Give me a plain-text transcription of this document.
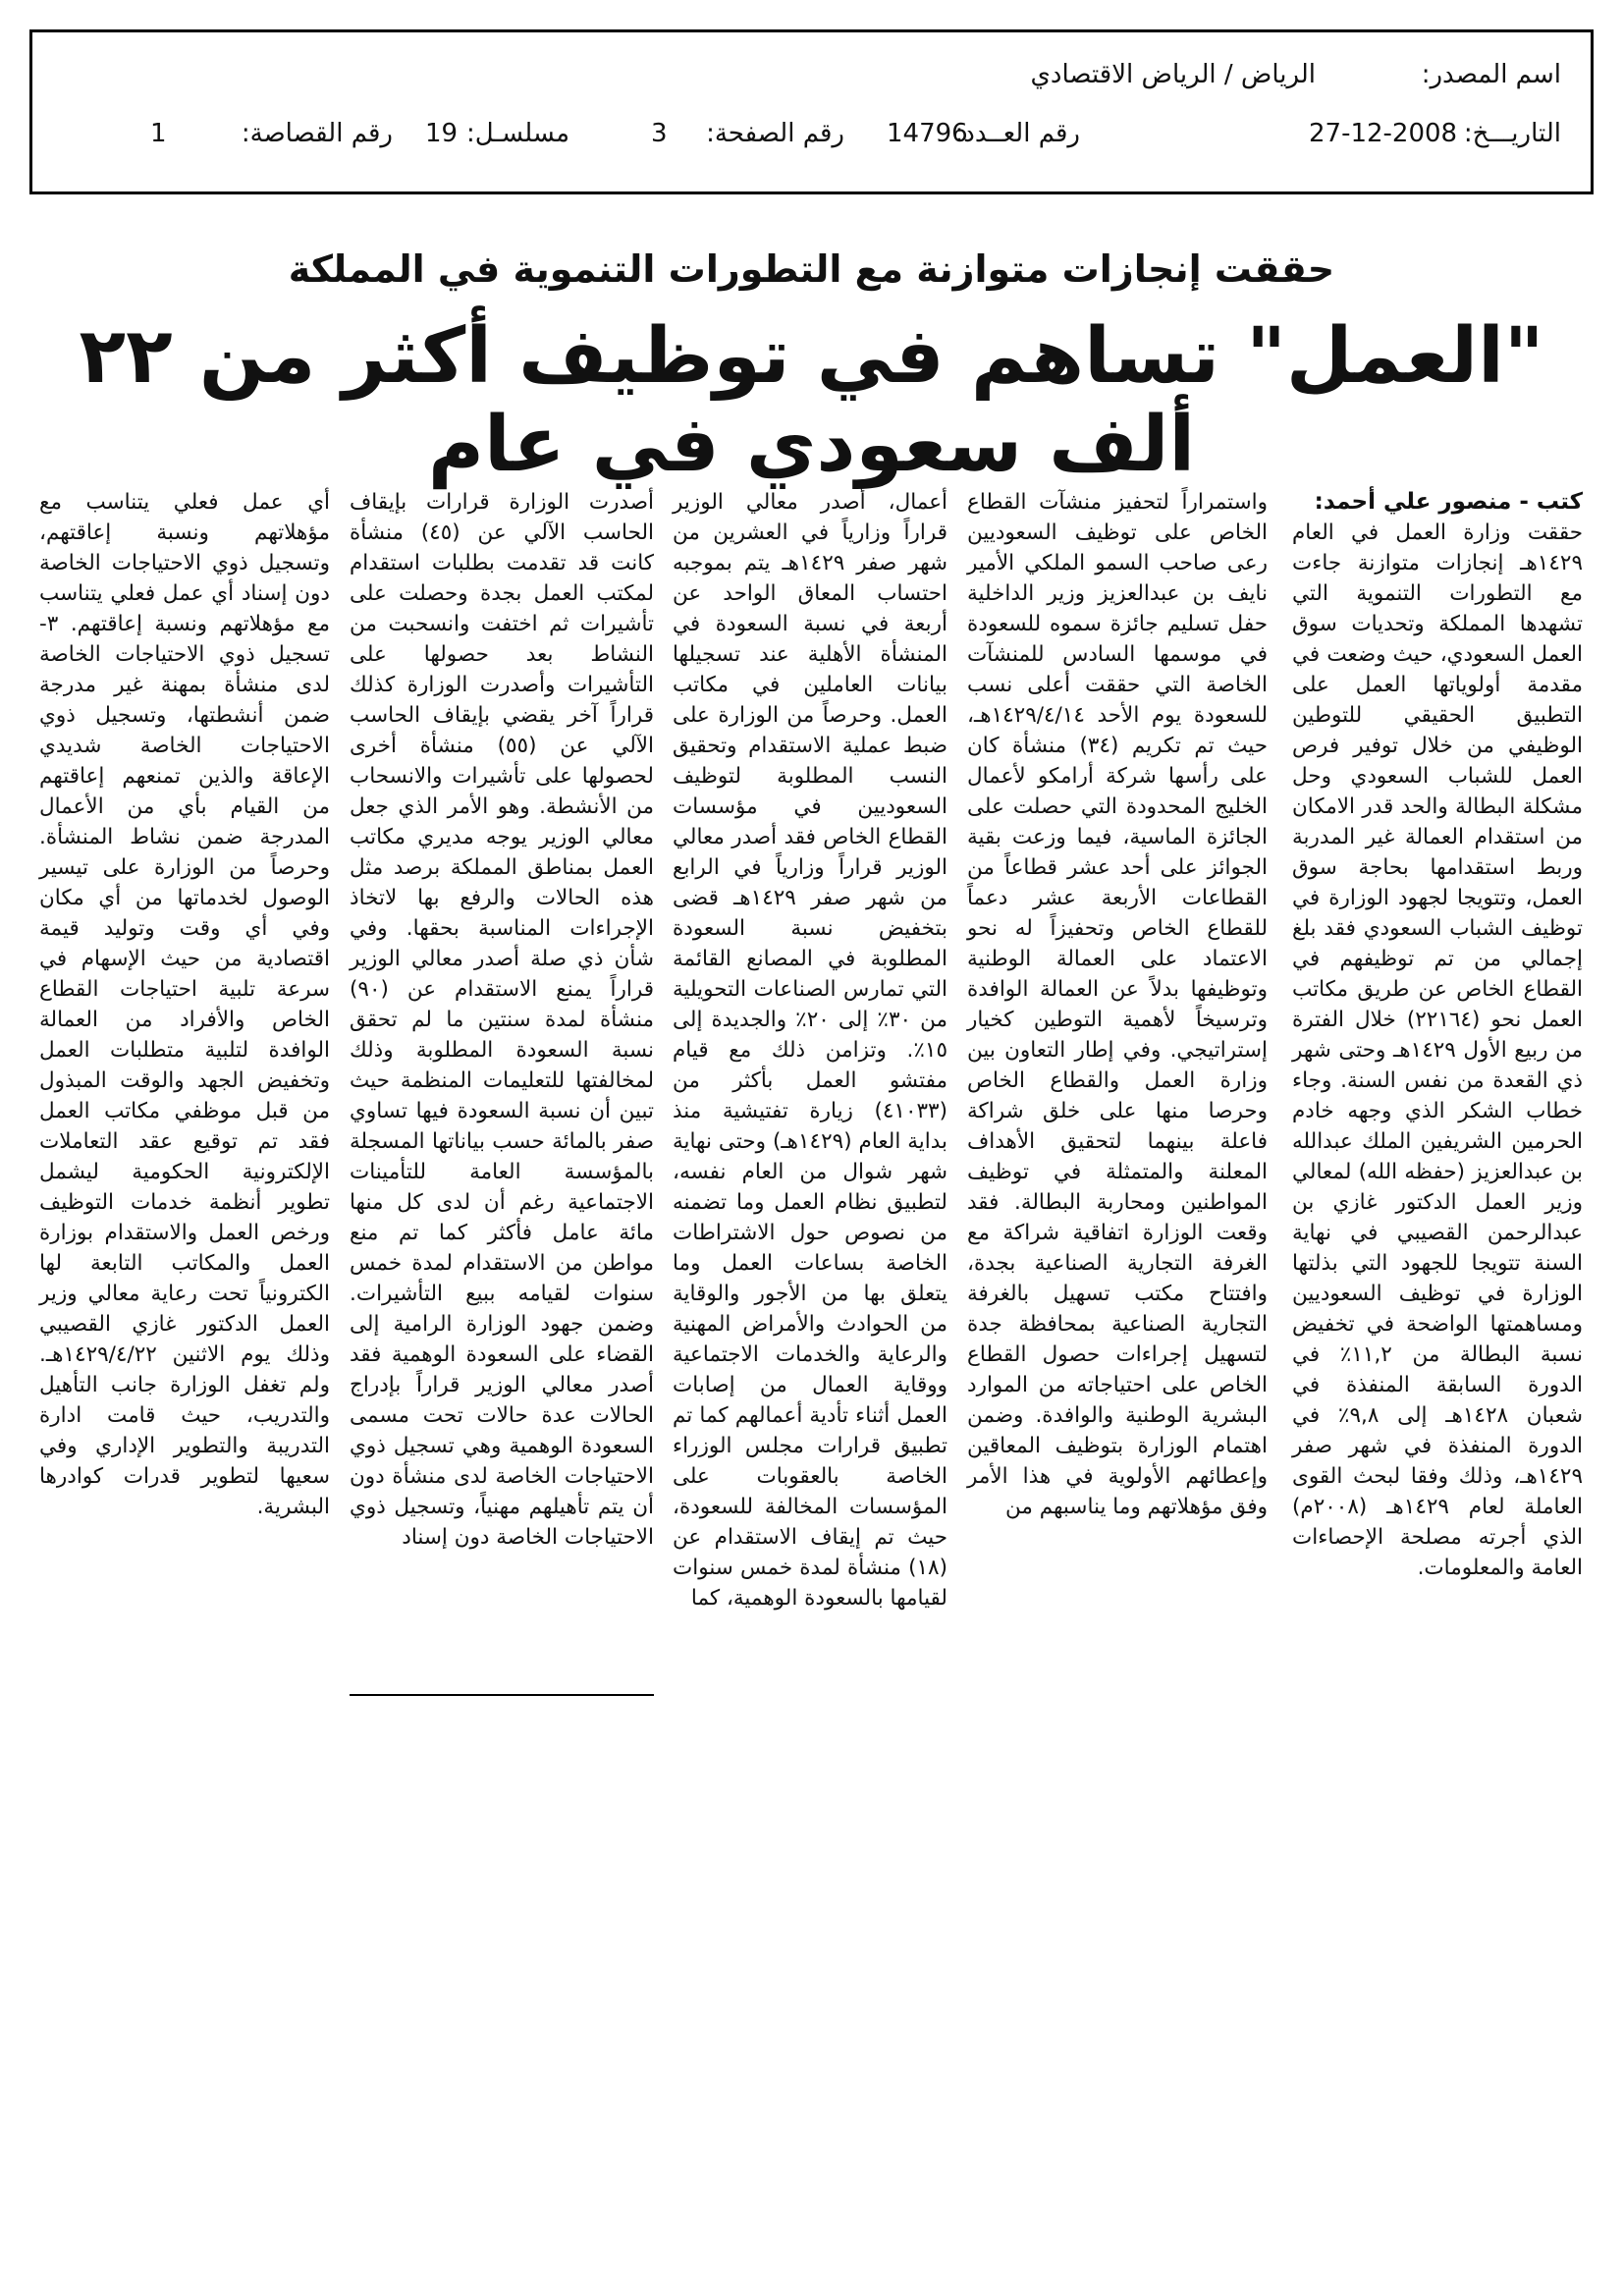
اسم المصدر:
الرياض / الرياض الاقتصادي
التاريـــخ:
27-12-2008
رقم العــدد:
14796
رقم الصفحة:
3
مسلسـل:
19
رقم القصاصة:
1
حققت إنجازات متوازنة مع التطورات التنموية في المملكة
"العمل" تساهم في توظيف أكثر من ٢٢ ألف سعودي في عام
كتب - منصور علي أحمد:
حققت وزارة العمل في العام ١٤٢٩هـ إنجازات متوازنة جاءت مع التطورات التنموية التي تشهدها المملكة وتحديات سوق العمل السعودي، حيث وضعت في مقدمة أولوياتها العمل على التطبيق الحقيقي للتوطين الوظيفي من خلال توفير فرص العمل للشباب السعودي وحل مشكلة البطالة والحد قدر الامكان من استقدام العمالة غير المدربة وربط استقدامها بحاجة سوق العمل، وتتويجا لجهود الوزارة في توظيف الشباب السعودي فقد بلغ إجمالي من تم توظيفهم في القطاع الخاص عن طريق مكاتب العمل نحو (٢٢١٦٤) خلال الفترة من ربيع الأول ١٤٢٩هـ وحتى شهر ذي القعدة من نفس السنة. وجاء خطاب الشكر الذي وجهه خادم الحرمين الشريفين الملك عبدالله بن عبدالعزيز (حفظه الله) لمعالي وزير العمل الدكتور غازي بن عبدالرحمن القصيبي في نهاية السنة تتويجا للجهود التي بذلتها الوزارة في توظيف السعوديين ومساهمتها الواضحة في تخفيض نسبة البطالة من ١١,٢٪ في الدورة السابقة المنفذة في شعبان ١٤٢٨هـ إلى ٩,٨٪ في الدورة المنفذة في شهر صفر ١٤٢٩هـ، وذلك وفقا لبحث القوى العاملة لعام ١٤٢٩هـ (٢٠٠٨م) الذي أجرته مصلحة الإحصاءات العامة والمعلومات.
واستمراراً لتحفيز منشآت القطاع الخاص على توظيف السعوديين رعى صاحب السمو الملكي الأمير نايف بن عبدالعزيز وزير الداخلية حفل تسليم جائزة سموه للسعودة في موسمها السادس للمنشآت الخاصة التي حققت أعلى نسب للسعودة يوم الأحد ١٤٢٩/٤/١٤هـ، حيث تم تكريم (٣٤) منشأة كان على رأسها شركة أرامكو لأعمال الخليج المحدودة التي حصلت على الجائزة الماسية، فيما وزعت بقية الجوائز على أحد عشر قطاعاً من القطاعات الأربعة عشر دعماً للقطاع الخاص وتحفيزاً له نحو الاعتماد على العمالة الوطنية وتوظيفها بدلاً عن العمالة الوافدة وترسيخاً لأهمية التوطين كخيار إستراتيجي. وفي إطار التعاون بين وزارة العمل والقطاع الخاص وحرصا منها على خلق شراكة فاعلة بينهما لتحقيق الأهداف المعلنة والمتمثلة في توظيف المواطنين ومحاربة البطالة. فقد وقعت الوزارة اتفاقية شراكة مع الغرفة التجارية الصناعية بجدة، وافتتاح مكتب تسهيل بالغرفة التجارية الصناعية بمحافظة جدة لتسهيل إجراءات حصول القطاع الخاص على احتياجاته من الموارد البشرية الوطنية والوافدة. وضمن اهتمام الوزارة بتوظيف المعاقين وإعطائهم الأولوية في هذا الأمر وفق مؤهلاتهم وما يناسبهم من
أعمال، أصدر معالي الوزير قراراً وزارياً في العشرين من شهر صفر ١٤٢٩هـ يتم بموجبه احتساب المعاق الواحد عن أربعة في نسبة السعودة في المنشأة الأهلية عند تسجيلها بيانات العاملين في مكاتب العمل. وحرصاً من الوزارة على ضبط عملية الاستقدام وتحقيق النسب المطلوبة لتوظيف السعوديين في مؤسسات القطاع الخاص فقد أصدر معالي الوزير قراراً وزارياً في الرابع من شهر صفر ١٤٢٩هـ قضى بتخفيض نسبة السعودة المطلوبة في المصانع القائمة التي تمارس الصناعات التحويلية من ٣٠٪ إلى ٢٠٪ والجديدة إلى ١٥٪. وتزامن ذلك مع قيام مفتشو العمل بأكثر من (٤١٠٣٣) زيارة تفتيشية منذ بداية العام (١٤٢٩هـ) وحتى نهاية شهر شوال من العام نفسه، لتطبيق نظام العمل وما تضمنه من نصوص حول الاشتراطات الخاصة بساعات العمل وما يتعلق بها من الأجور والوقاية من الحوادث والأمراض المهنية والرعاية والخدمات الاجتماعية ووقاية العمال من إصابات العمل أثناء تأدية أعمالهم كما تم تطبيق قرارات مجلس الوزراء الخاصة بالعقوبات على المؤسسات المخالفة للسعودة، حيث تم إيقاف الاستقدام عن (١٨) منشأة لمدة خمس سنوات لقيامها بالسعودة الوهمية، كما
أصدرت الوزارة قرارات بإيقاف الحاسب الآلي عن (٤٥) منشأة كانت قد تقدمت بطلبات استقدام لمكتب العمل بجدة وحصلت على تأشيرات ثم اختفت وانسحبت من النشاط بعد حصولها على التأشيرات وأصدرت الوزارة كذلك قراراً آخر يقضي بإيقاف الحاسب الآلي عن (٥٥) منشأة أخرى لحصولها على تأشيرات والانسحاب من الأنشطة. وهو الأمر الذي جعل معالي الوزير يوجه مديري مكاتب العمل بمناطق المملكة برصد مثل هذه الحالات والرفع بها لاتخاذ الإجراءات المناسبة بحقها. وفي شأن ذي صلة أصدر معالي الوزير قراراً يمنع الاستقدام عن (٩٠) منشأة لمدة سنتين ما لم تحقق نسبة السعودة المطلوبة وذلك لمخالفتها للتعليمات المنظمة حيث تبين أن نسبة السعودة فيها تساوي صفر بالمائة حسب بياناتها المسجلة بالمؤسسة العامة للتأمينات الاجتماعية رغم أن لدى كل منها مائة عامل فأكثر كما تم منع مواطن من الاستقدام لمدة خمس سنوات لقيامه ببيع التأشيرات. وضمن جهود الوزارة الرامية إلى القضاء على السعودة الوهمية فقد أصدر معالي الوزير قراراً بإدراج الحالات عدة حالات تحت مسمى السعودة الوهمية وهي تسجيل ذوي الاحتياجات الخاصة لدى منشأة دون أن يتم تأهيلهم مهنياً، وتسجيل ذوي الاحتياجات الخاصة دون إسناد
أي عمل فعلي يتناسب مع مؤهلاتهم ونسبة إعاقتهم، وتسجيل ذوي الاحتياجات الخاصة دون إسناد أي عمل فعلي يتناسب مع مؤهلاتهم ونسبة إعاقتهم. ٣- تسجيل ذوي الاحتياجات الخاصة لدى منشأة بمهنة غير مدرجة ضمن أنشطتها، وتسجيل ذوي الاحتياجات الخاصة شديدي الإعاقة والذين تمنعهم إعاقتهم من القيام بأي من الأعمال المدرجة ضمن نشاط المنشأة. وحرصاً من الوزارة على تيسير الوصول لخدماتها من أي مكان وفي أي وقت وتوليد قيمة اقتصادية من حيث الإسهام في سرعة تلبية احتياجات القطاع الخاص والأفراد من العمالة الوافدة لتلبية متطلبات العمل وتخفيض الجهد والوقت المبذول من قبل موظفي مكاتب العمل فقد تم توقيع عقد التعاملات الإلكترونية الحكومية ليشمل تطوير أنظمة خدمات التوظيف ورخص العمل والاستقدام بوزارة العمل والمكاتب التابعة لها الكترونياً تحت رعاية معالي وزير العمل الدكتور غازي القصيبي وذلك يوم الاثنين ١٤٢٩/٤/٢٢هـ. ولم تغفل الوزارة جانب التأهيل والتدريب، حيث قامت ادارة التدريبة والتطوير الإداري وفي سعيها لتطوير قدرات كوادرها البشرية.
